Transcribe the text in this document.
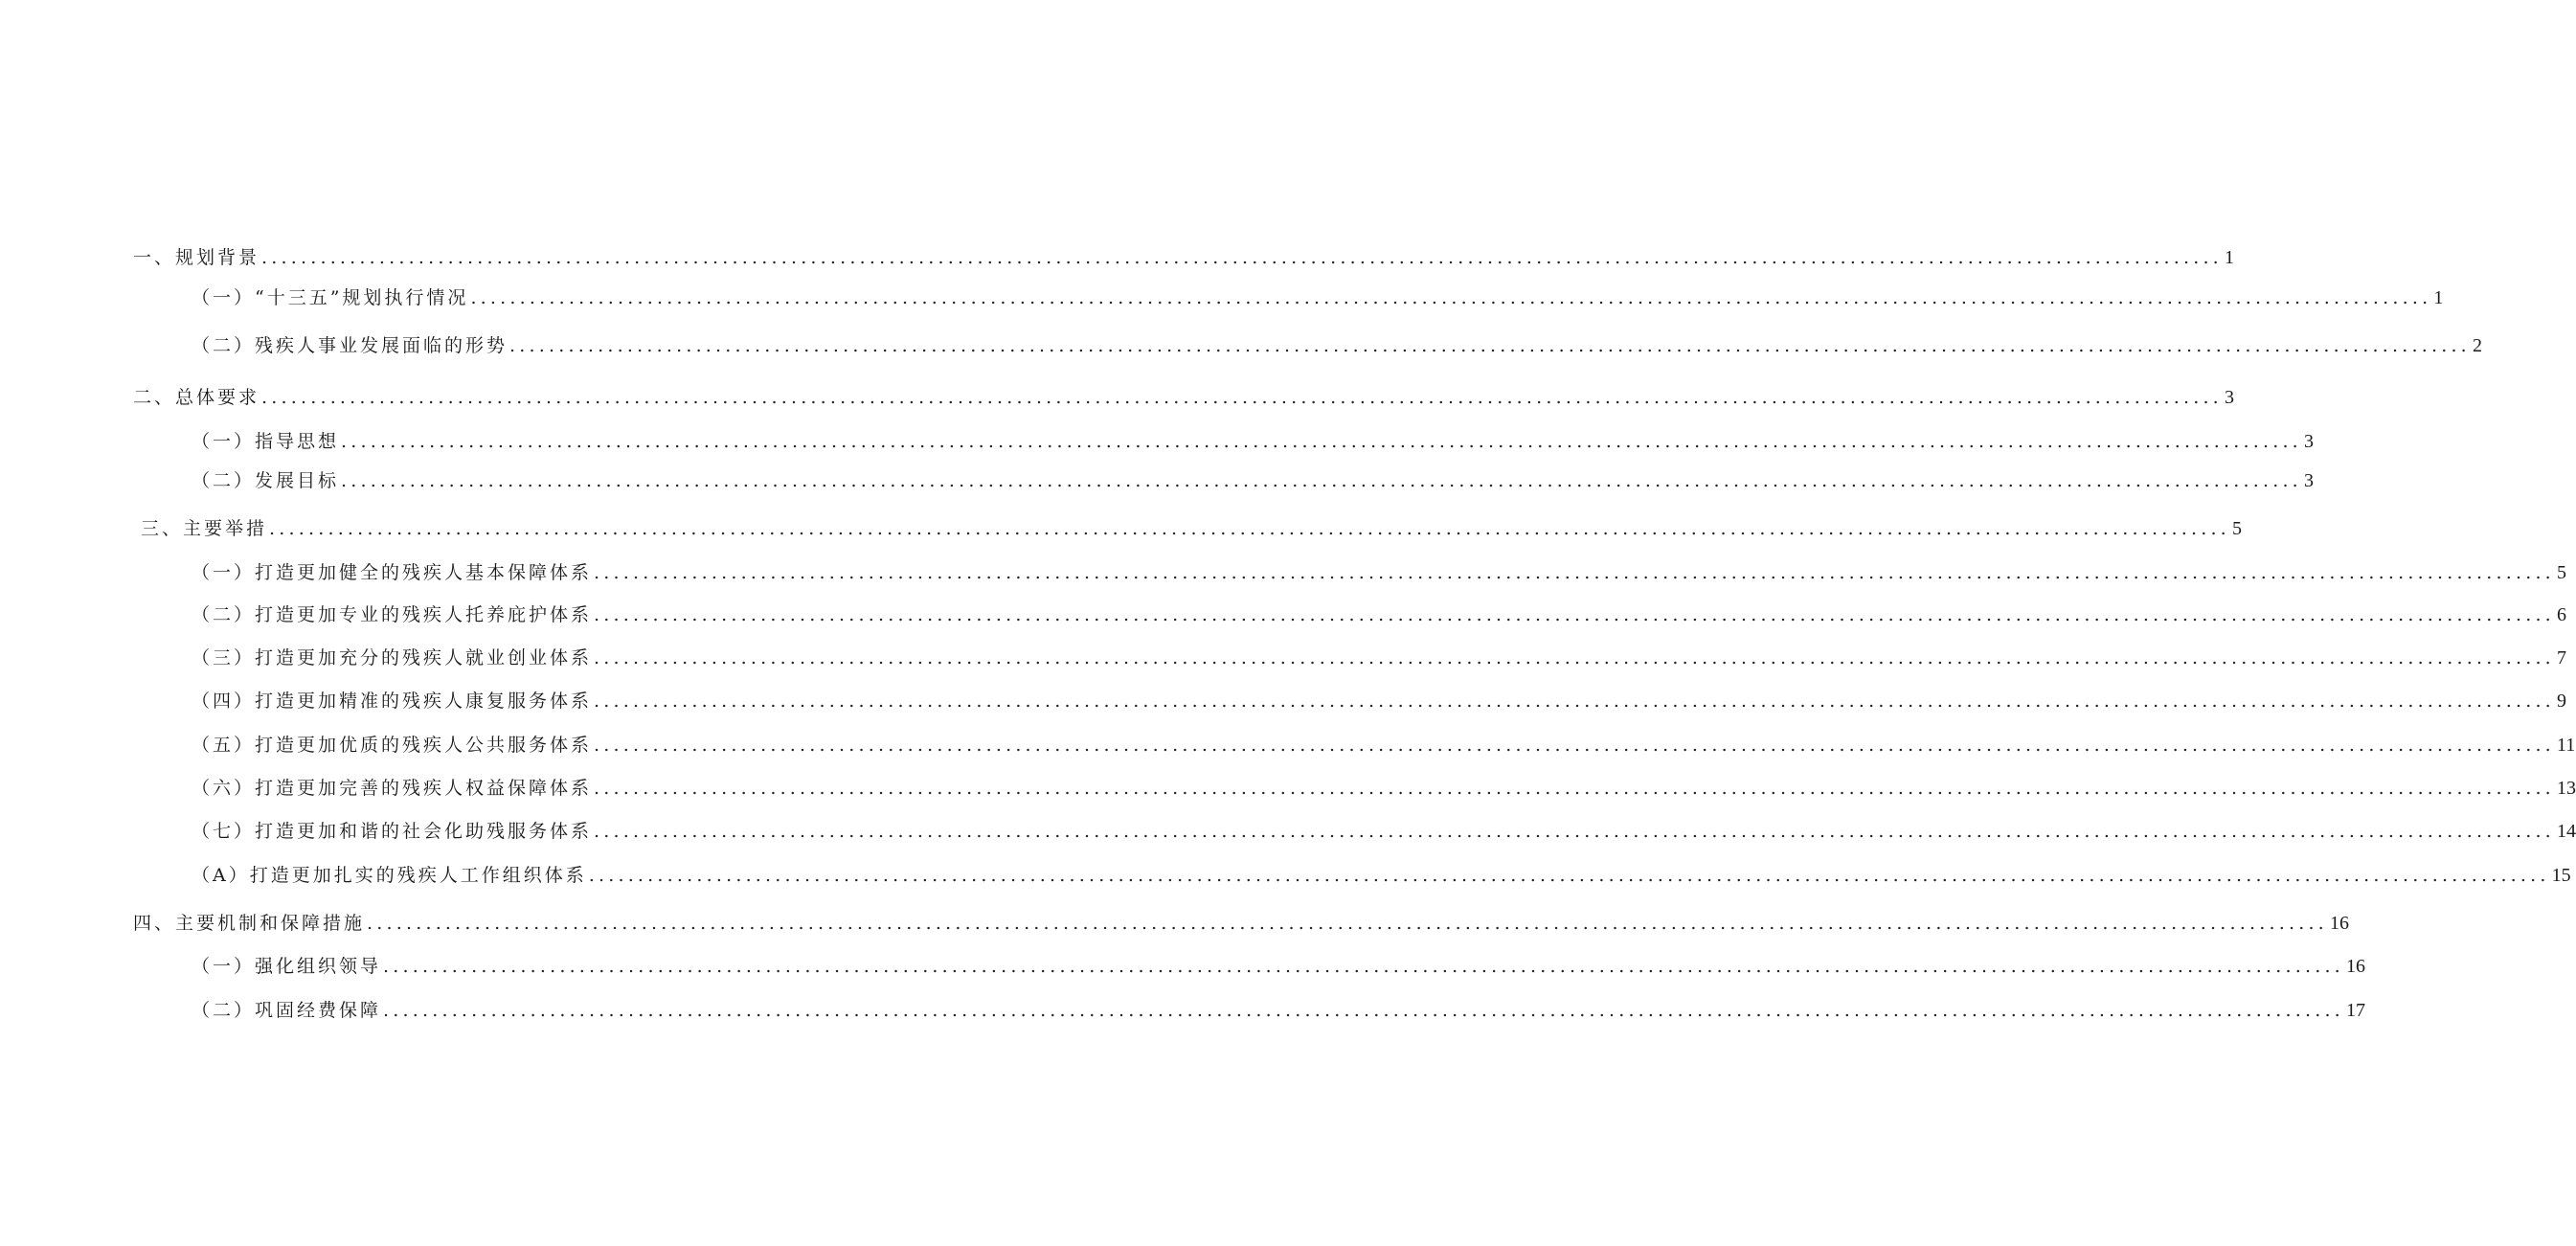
一、规划背景 ........................................................................................................................................................................................................ 1
（一）“十三五”规划执行情况 ........................................................................................................................................................................................................ 1
（二）残疾人事业发展面临的形势 ........................................................................................................................................................................................................ 2
二、总体要求 ........................................................................................................................................................................................................ 3
（一）指导思想 ........................................................................................................................................................................................................ 3
（二）发展目标 ........................................................................................................................................................................................................ 3
三、主要举措 ........................................................................................................................................................................................................ 5
（一）打造更加健全的残疾人基本保障体系 ........................................................................................................................................................................................................ 5
（二）打造更加专业的残疾人托养庇护体系 ........................................................................................................................................................................................................ 6
（三）打造更加充分的残疾人就业创业体系 ........................................................................................................................................................................................................ 7
（四）打造更加精准的残疾人康复服务体系 ........................................................................................................................................................................................................ 9
（五）打造更加优质的残疾人公共服务体系 ........................................................................................................................................................................................................ 11
（六）打造更加完善的残疾人权益保障体系 ........................................................................................................................................................................................................ 13
（七）打造更加和谐的社会化助残服务体系 ........................................................................................................................................................................................................ 14
（A）打造更加扎实的残疾人工作组织体系 ........................................................................................................................................................................................................ 15
四、主要机制和保障措施 ........................................................................................................................................................................................................ 16
（一）强化组织领导 ........................................................................................................................................................................................................ 16
（二）巩固经费保障 ........................................................................................................................................................................................................ 17
